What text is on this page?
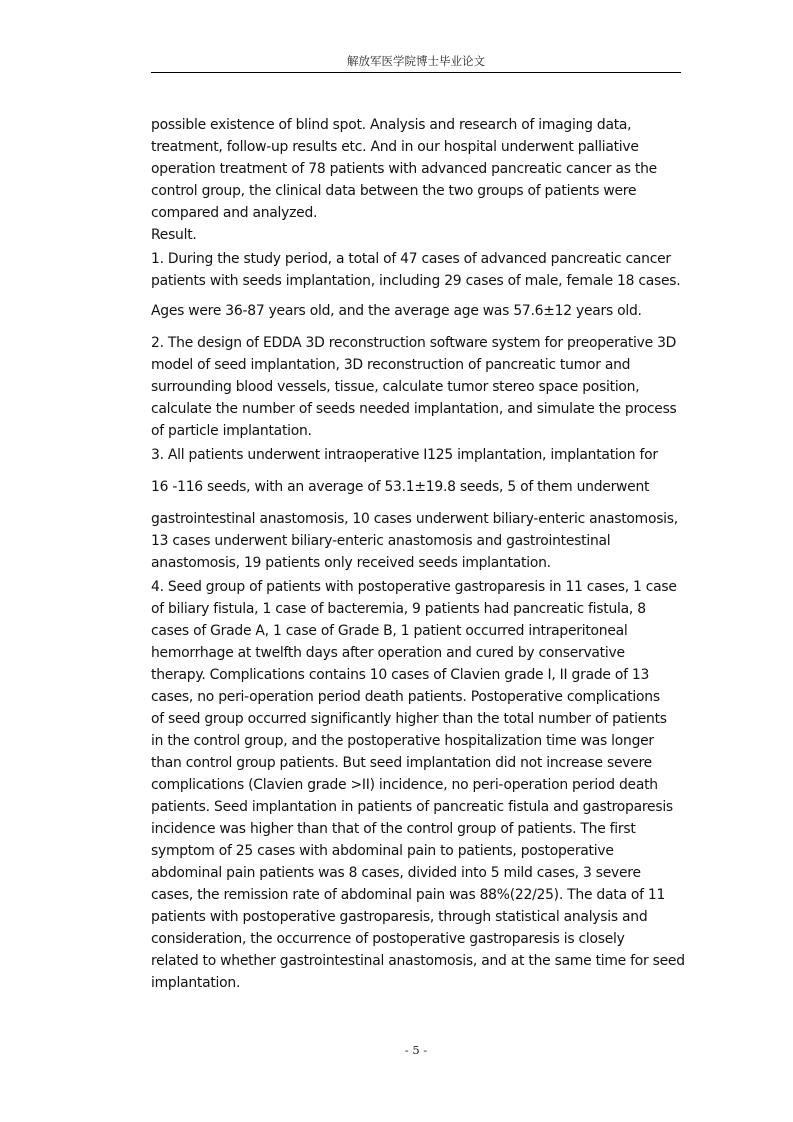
解放军医学院博士毕业论文

possible existence of blind spot. Analysis and research of imaging data,
treatment, follow-up results etc. And in our hospital underwent palliative
operation treatment of 78 patients with advanced pancreatic cancer as the
control group, the clinical data between the two groups of patients were
compared and analyzed.

Result.

1. During the study period, a total of 47 cases of advanced pancreatic cancer
patients with seeds implantation, including 29 cases of male, female 18 cases.

Ages were 36-87 years old, and the average age was 57.6±12 years old.

2. The design of EDDA 3D reconstruction software system for preoperative 3D
model of seed implantation, 3D reconstruction of pancreatic tumor and
surrounding blood vessels, tissue, calculate tumor stereo space position,
calculate the number of seeds needed implantation, and simulate the process
of particle implantation.

3. All patients underwent intraoperative I125 implantation, implantation for

16 -116 seeds, with an average of 53.1±19.8 seeds, 5 of them underwent

gastrointestinal anastomosis, 10 cases underwent biliary-enteric anastomosis,
13 cases underwent biliary-enteric anastomosis and gastrointestinal
anastomosis, 19 patients only received seeds implantation.

4. Seed group of patients with postoperative gastroparesis in 11 cases, 1 case
of biliary fistula, 1 case of bacteremia, 9 patients had pancreatic fistula, 8
cases of Grade A, 1 case of Grade B, 1 patient occurred intraperitoneal
hemorrhage at twelfth days after operation and cured by conservative
therapy. Complications contains 10 cases of Clavien grade I, II grade of 13
cases, no peri-operation period death patients. Postoperative complications
of seed group occurred significantly higher than the total number of patients
in the control group, and the postoperative hospitalization time was longer
than control group patients. But seed implantation did not increase severe
complications (Clavien grade >II) incidence, no peri-operation period death
patients. Seed implantation in patients of pancreatic fistula and gastroparesis
incidence was higher than that of the control group of patients. The first
symptom of 25 cases with abdominal pain to patients, postoperative
abdominal pain patients was 8 cases, divided into 5 mild cases, 3 severe
cases, the remission rate of abdominal pain was 88%(22/25). The data of 11
patients with postoperative gastroparesis, through statistical analysis and
consideration, the occurrence of postoperative gastroparesis is closely
related to whether gastrointestinal anastomosis, and at the same time for seed
implantation.

- 5 -
